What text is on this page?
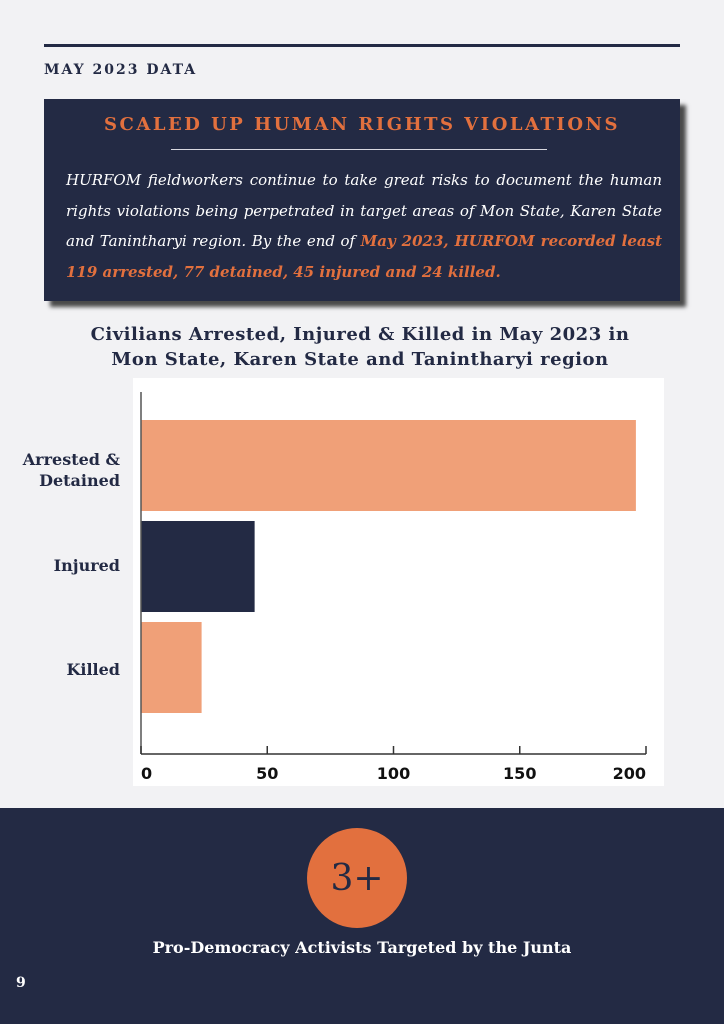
MAY 2023 DATA
SCALED UP HUMAN RIGHTS VIOLATIONS
HURFOM fieldworkers continue to take great risks to document the human rights violations being perpetrated in target areas of Mon State, Karen State and Tanintharyi region. By the end of May 2023, HURFOM recorded least 119 arrested, 77 detained, 45 injured and 24 killed.
Civilians Arrested, Injured & Killed in May 2023 in
Mon State, Karen State and Tanintharyi region
0	50	100	150	200
Arrested &
Detained
Injured
Killed
3+
Pro-Democracy Activists Targeted by the Junta
9
